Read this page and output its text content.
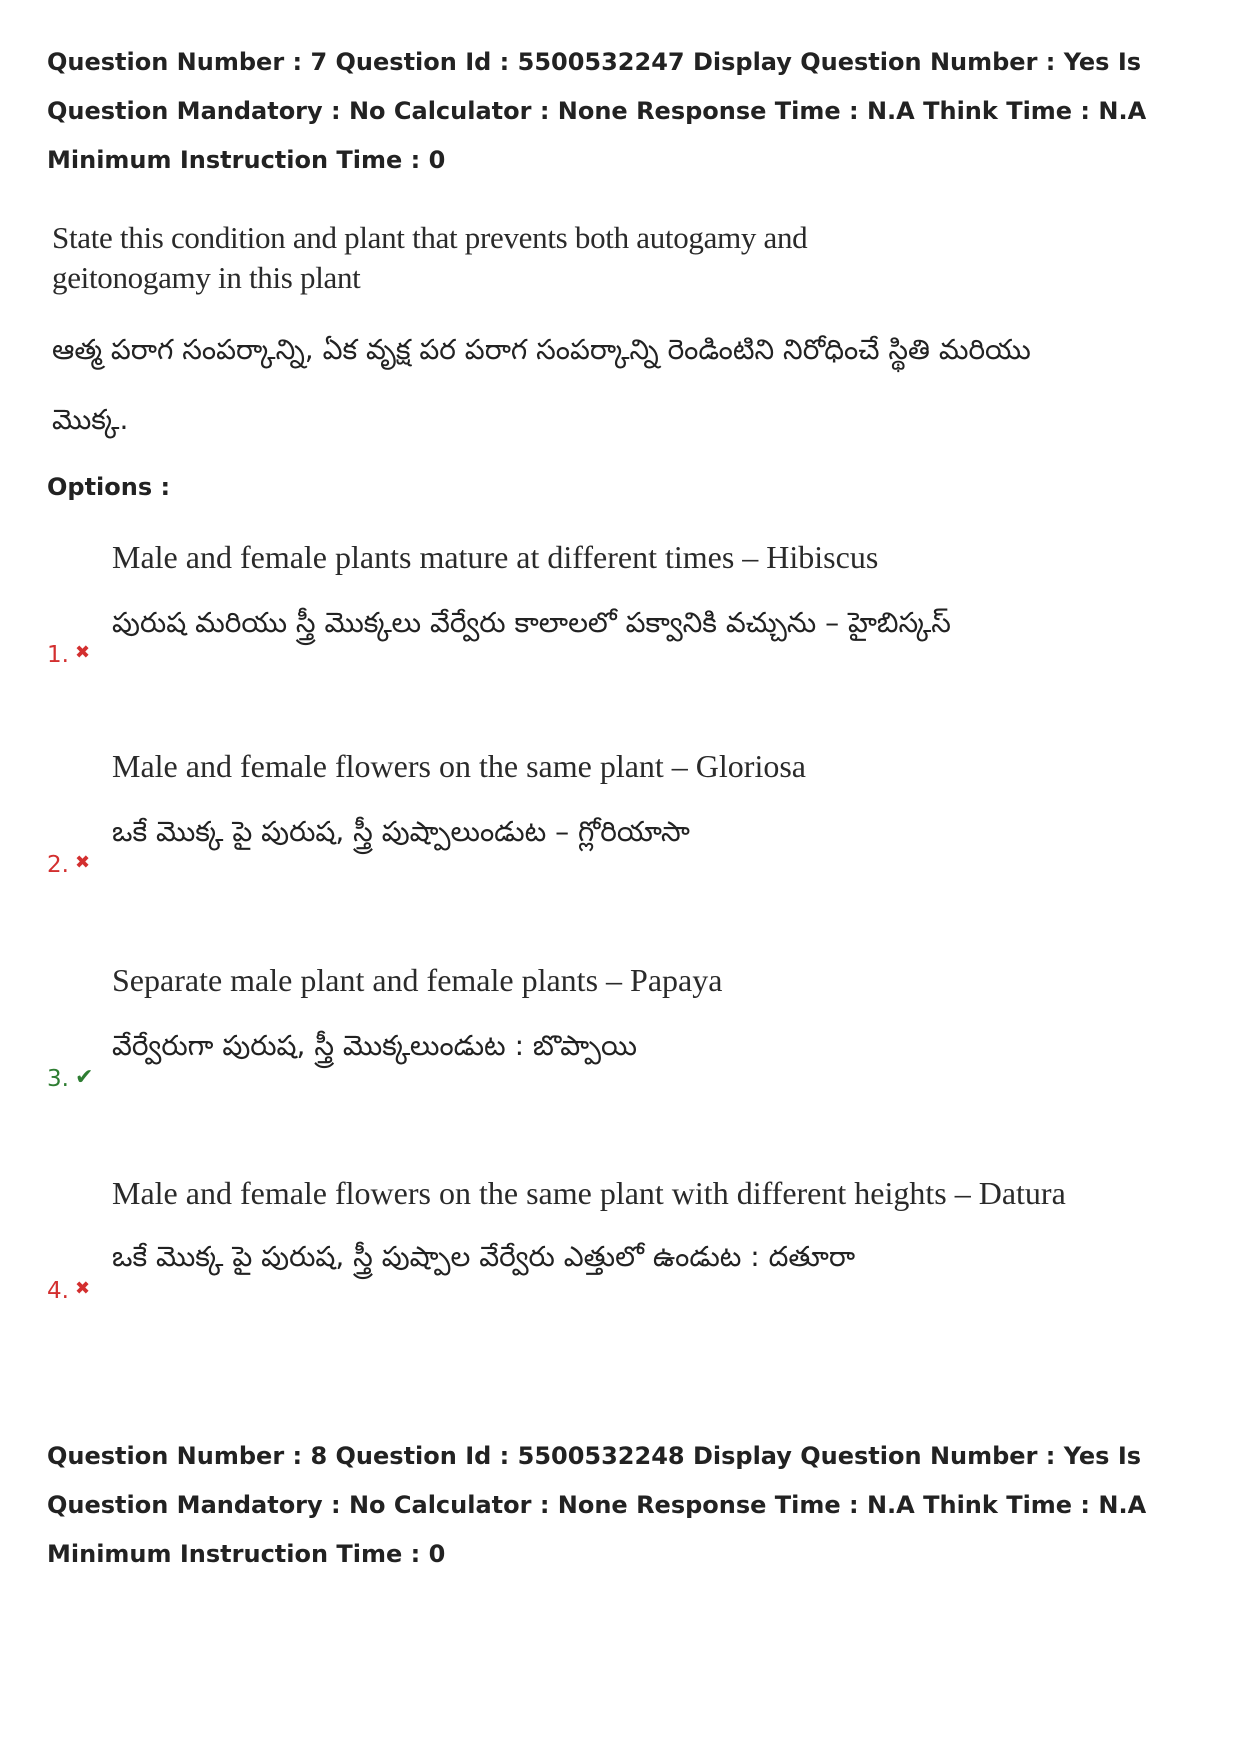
Question Number : 7 Question Id : 5500532247 Display Question Number : Yes Is Question Mandatory : No Calculator : None Response Time : N.A Think Time : N.A Minimum Instruction Time : 0
State this condition and plant that prevents both autogamy and geitonogamy in this plant
ఆత్మ పరాగ సంపర్కాన్ని, ఏక వృక్ష పర పరాగ సంపర్కాన్ని రెండింటిని నిరోధించే స్థితి మరియు
మొక్క.
Options :
Male and female plants mature at different times – Hibiscus
పురుష మరియు స్త్రీ మొక్కలు వేర్వేరు కాలాలలో పక్వానికి వచ్చును – హైబిస్కస్
1. ✖
Male and female flowers on the same plant – Gloriosa
ఒకే మొక్క పై పురుష, స్త్రీ పుష్పాలుండుట – గ్లోరియాసా
2. ✖
Separate male plant and female plants – Papaya
వేర్వేరుగా పురుష, స్త్రీ మొక్కలుండుట : బొప్పాయి
3. ✔
Male and female flowers on the same plant with different heights – Datura
ఒకే మొక్క పై పురుష, స్త్రీ పుష్పాల వేర్వేరు ఎత్తులో ఉండుట : దతూరా
4. ✖
Question Number : 8 Question Id : 5500532248 Display Question Number : Yes Is Question Mandatory : No Calculator : None Response Time : N.A Think Time : N.A Minimum Instruction Time : 0
